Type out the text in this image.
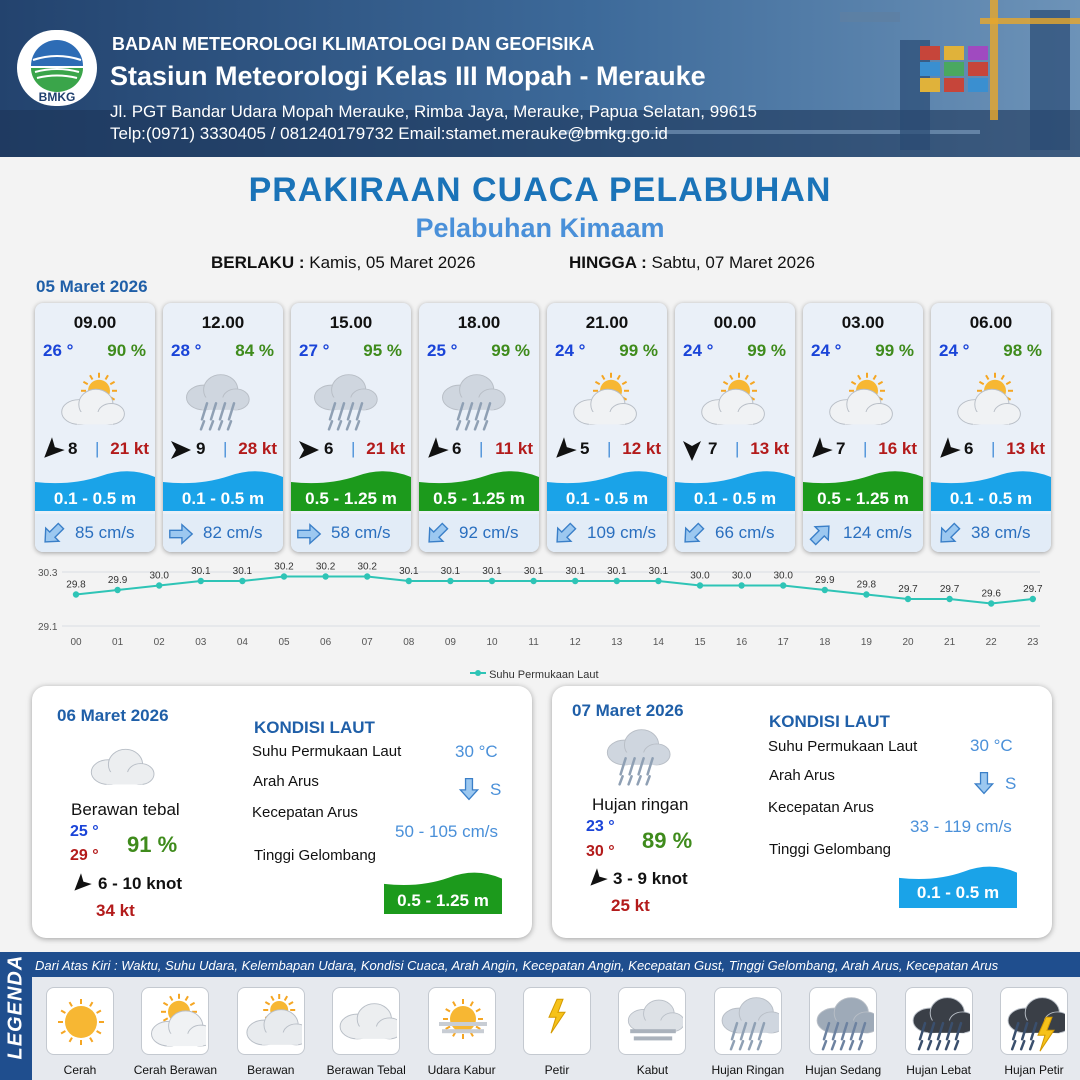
BMKG
BADAN METEOROLOGI KLIMATOLOGI DAN GEOFISIKA
Stasiun Meteorologi Kelas III Mopah - Merauke
Jl. PGT Bandar Udara Mopah Merauke, Rimba Jaya, Merauke, Papua Selatan, 99615
Telp:(0971) 3330405 / 081240179732 Email:stamet.merauke@bmkg.go.id
PRAKIRAAN CUACA PELABUHAN
Pelabuhan Kimaam
BERLAKU : Kamis, 05 Maret 2026	HINGGA : Sabtu, 07 Maret 2026
05 Maret 2026
09.00
26 ° 90 %
8 | 21 kt
0.1 - 0.5 m
85 cm/s
12.00
28 ° 84 %
9 | 28 kt
0.1 - 0.5 m
82 cm/s
15.00
27 ° 95 %
6 | 21 kt
0.5 - 1.25 m
58 cm/s
18.00
25 ° 99 %
6 | 11 kt
0.5 - 1.25 m
92 cm/s
21.00
24 ° 99 %
5 | 12 kt
0.1 - 0.5 m
109 cm/s
00.00
24 ° 99 %
7 | 13 kt
0.1 - 0.5 m
66 cm/s
03.00
24 ° 99 %
7 | 16 kt
0.5 - 1.25 m
124 cm/s
06.00
24 ° 98 %
6 | 13 kt
0.1 - 0.5 m
38 cm/s
30.3
29.1
29.8
00
29.9
01
30.0
02
30.1
03
30.1
04
30.2
05
30.2
06
30.2
07
30.1
08
30.1
09
30.1
10
30.1
11
30.1
12
30.1
13
30.1
14
30.0
15
30.0
16
30.0
17
29.9
18
29.8
19
29.7
20
29.7
21
29.6
22
29.7
23
Suhu Permukaan Laut
06 Maret 2026
Berawan tebal
25 °
29 ° 91 %
6 - 10 knot
34 kt
KONDISI LAUT
Suhu Permukaan Laut	30 °C
Arah Arus	S
Kecepatan Arus
50 - 105 cm/s
Tinggi Gelombang
0.5 - 1.25 m
07 Maret 2026
Hujan ringan
23 °
30 ° 89 %
3 - 9 knot
25 kt
KONDISI LAUT
Suhu Permukaan Laut	30 °C
Arah Arus	S
Kecepatan Arus
33 - 119 cm/s
Tinggi Gelombang
0.1 - 0.5 m
LEGENDA Dari Atas Kiri : Waktu, Suhu Udara, Kelembapan Udara, Kondisi Cuaca, Arah Angin, Kecepatan Angin, Kecepatan Gust, Tinggi Gelombang, Arah Arus, Kecepatan Arus
Cerah	Cerah Berawan	Berawan	Berawan Tebal	Udara Kabur	Petir	Kabut	Hujan Ringan	Hujan Sedang	Hujan Lebat	Hujan Petir
